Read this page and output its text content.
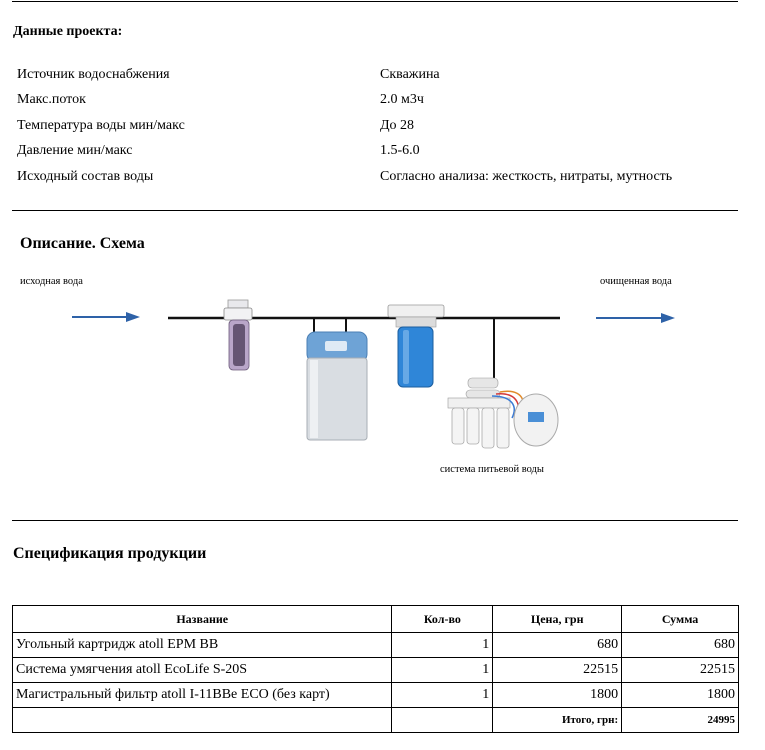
Данные проекта:
Источник водоснабжения	Скважина
Макс.поток	2.0 м3ч
Температура воды мин/макс	До 28
Давление мин/макс	1.5-6.0
Исходный состав воды	Согласно анализа: жесткость, нитраты, мутность
Описание. Схема
исходная вода	очищенная вода
система питьевой воды
Спецификация продукции
Название	Кол-во	Цена, грн	Сумма
Угольный картридж atoll EPM BB	1	680	680
Система умягчения atoll EcoLife S-20S	1	22515	22515
Магистральный фильтр atoll I-11BBe ECO (без карт)	1	1800	1800
		Итого, грн:	24995
